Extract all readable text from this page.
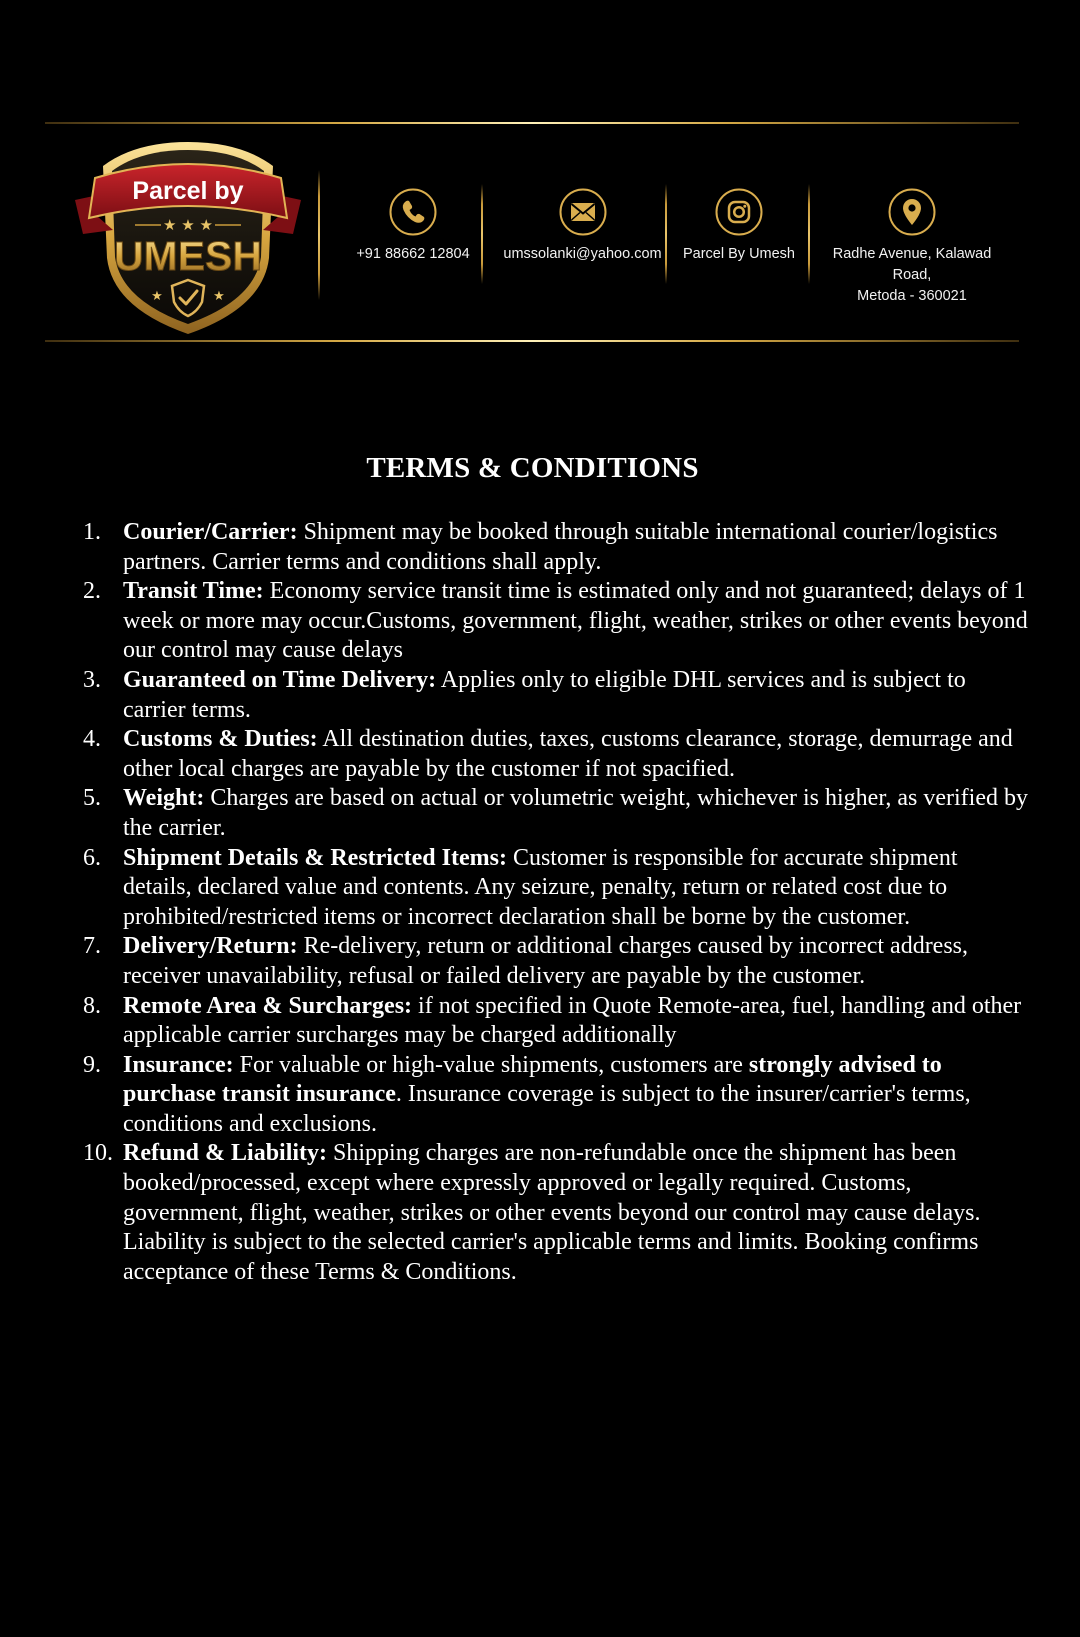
Parcel by
★ ★ ★
UMESH
★	★
+91 88662 12804	umssolanki@yahoo.com	Parcel By Umesh	Radhe Avenue, Kalawad Road,
Metoda - 360021
TERMS & CONDITIONS
1. Courier/Carrier: Shipment may be booked through suitable international courier/logistics partners. Carrier terms and conditions shall apply.
2. Transit Time: Economy service transit time is estimated only and not guaranteed; delays of 1 week or more may occur.Customs, government, flight, weather, strikes or other events beyond our control may cause delays
3. Guaranteed on Time Delivery: Applies only to eligible DHL services and is subject to carrier terms.
4. Customs & Duties: All destination duties, taxes, customs clearance, storage, demurrage and other local charges are payable by the customer if not spacified.
5. Weight: Charges are based on actual or volumetric weight, whichever is higher, as verified by the carrier.
6. Shipment Details & Restricted Items: Customer is responsible for accurate shipment details, declared value and contents. Any seizure, penalty, return or related cost due to prohibited/restricted items or incorrect declaration shall be borne by the customer.
7. Delivery/Return: Re-delivery, return or additional charges caused by incorrect address, receiver unavailability, refusal or failed delivery are payable by the customer.
8. Remote Area & Surcharges: if not specified in Quote Remote-area, fuel, handling and other applicable carrier surcharges may be charged additionally
9. Insurance: For valuable or high-value shipments, customers are strongly advised to purchase transit insurance. Insurance coverage is subject to the insurer/carrier's terms, conditions and exclusions.
10. Refund & Liability: Shipping charges are non-refundable once the shipment has been booked/processed, except where expressly approved or legally required. Customs, government, flight, weather, strikes or other events beyond our control may cause delays. Liability is subject to the selected carrier's applicable terms and limits. Booking confirms acceptance of these Terms & Conditions.
